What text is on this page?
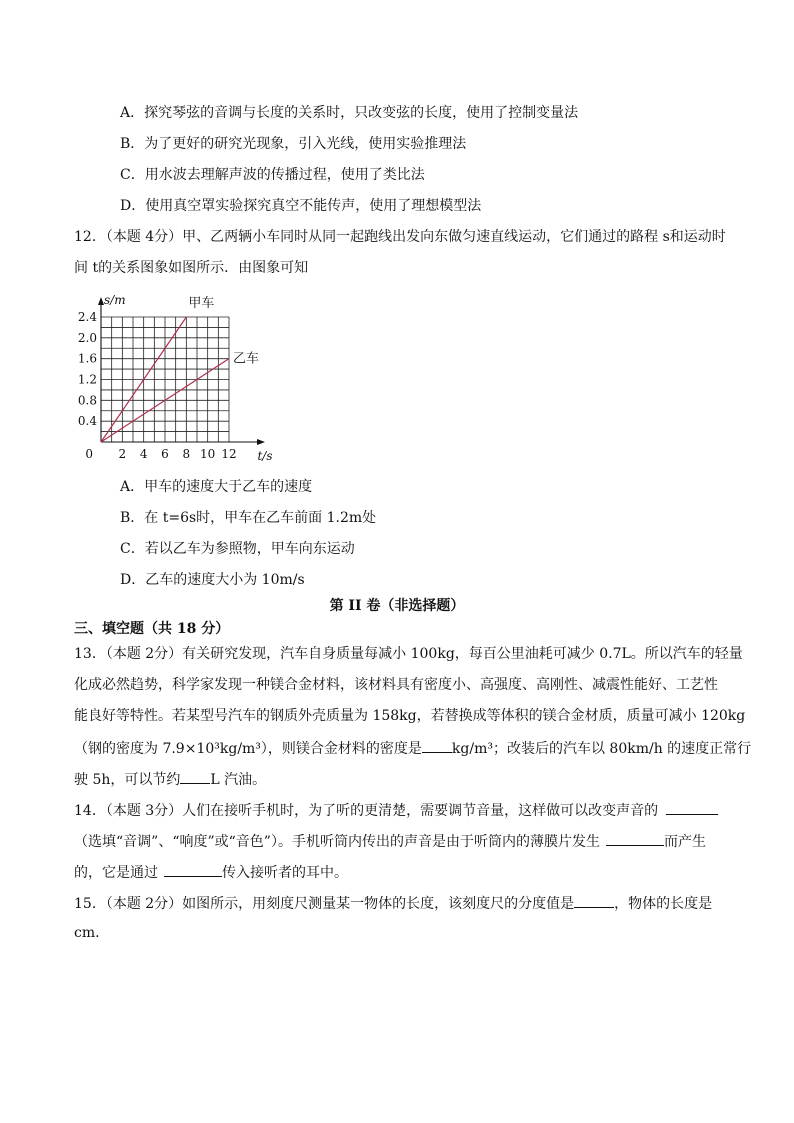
A．探究琴弦的音调与长度的关系时，只改变弦的长度，使用了控制变量法
B．为了更好的研究光现象，引入光线，使用实验推理法
C．用水波去理解声波的传播过程，使用了类比法
D．使用真空罩实验探究真空不能传声，使用了理想模型法
12．（本题 4分）甲、乙两辆小车同时从同一起跑线出发向东做匀速直线运动，它们通过的路程 s和运动时
间 t的关系图象如图所示．由图象可知
2 4 6 8 10 12
0.4
0.8
1.2
1.6
2.0
2.4
0	t/s
s/m	甲车
乙车
A．甲车的速度大于乙车的速度
B．在 t=6s时，甲车在乙车前面 1.2m处
C．若以乙车为参照物，甲车向东运动
D．乙车的速度大小为 10m/s
第 II 卷（非选择题）
三、填空题（共 18 分）
13．（本题 2分）有关研究发现，汽车自身质量每减小 100kg，每百公里油耗可减少 0.7L。所以汽车的轻量
化成必然趋势，科学家发现一种镁合金材料，该材料具有密度小、高强度、高刚性、减震性能好、工艺性
能良好等特性。若某型号汽车的钢质外壳质量为 158kg，若替换成等体积的镁合金材质，质量可减小 120kg
（钢的密度为 7.9×10³kg/m³），则镁合金材料的密度是 kg/m³；改装后的汽车以 80km/h 的速度正常行
驶 5h，可以节约 L 汽油。
14．（本题 3分）人们在接听手机时，为了听的更清楚，需要调节音量，这样做可以改变声音的
（选填“音调”、“响度”或“音色”）。手机听筒内传出的声音是由于听筒内的薄膜片发生	而产生
的，它是通过	传入接听者的耳中。
15．（本题 2分）如图所示，用刻度尺测量某一物体的长度，该刻度尺的分度值是	，物体的长度是
cm.
